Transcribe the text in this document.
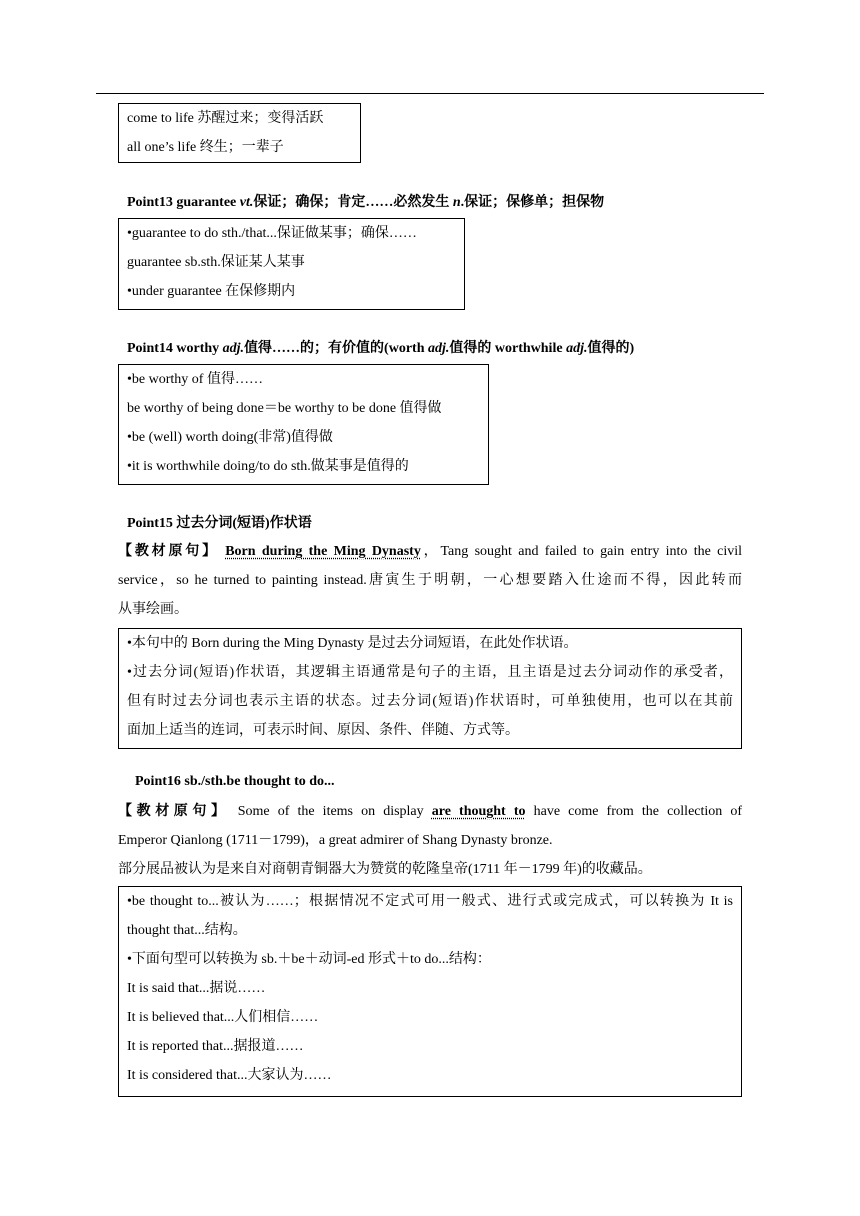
come to life 苏醒过来；变得活跃
all one’s life 终生；一辈子
Point13 guarantee vt.保证；确保；肯定……必然发生 n.保证；保修单；担保物
•guarantee to do sth./that...保证做某事；确保……
guarantee sb.sth.保证某人某事
•under guarantee 在保修期内
Point14 worthy adj.值得……的；有价值的(worth adj.值得的 worthwhile adj.值得的)
•be worthy of 值得……
be worthy of being done＝be worthy to be done 值得做
•be (well) worth doing(非常)值得做
•it is worthwhile doing/to do sth.做某事是值得的
Point15 过去分词(短语)作状语
【教材原句】 Born during the Ming Dynasty，Tang sought and failed to gain entry into the civil
service，so he turned to painting instead.唐寅生于明朝，一心想要踏入仕途而不得，因此转而
从事绘画。
•本句中的 Born during the Ming Dynasty 是过去分词短语，在此处作状语。
•过去分词(短语)作状语，其逻辑主语通常是句子的主语，且主语是过去分词动作的承受者，
但有时过去分词也表示主语的状态。过去分词(短语)作状语时，可单独使用，也可以在其前
面加上适当的连词，可表示时间、原因、条件、伴随、方式等。
Point16 sb./sth.be thought to do...
【教材原句】 Some of the items on display are thought to have come from the collection of
Emperor Qianlong (1711－1799)，a great admirer of Shang Dynasty bronze.
部分展品被认为是来自对商朝青铜器大为赞赏的乾隆皇帝(1711 年－1799 年)的收藏品。
•be thought to...被认为……；根据情况不定式可用一般式、进行式或完成式，可以转换为 It is
thought that...结构。
•下面句型可以转换为 sb.＋be＋动词-ed 形式＋to do...结构：
It is said that...据说……
It is believed that...人们相信……
It is reported that...据报道……
It is considered that...大家认为……
